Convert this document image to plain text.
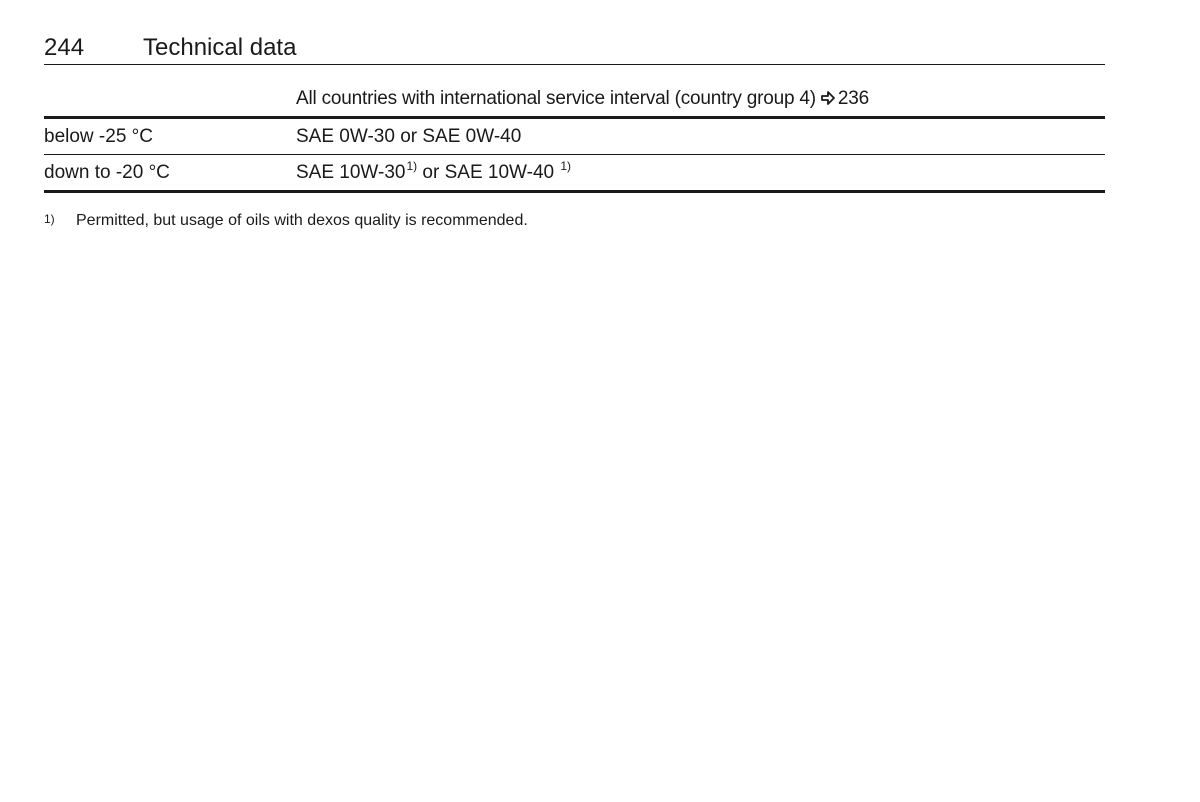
244 Technical data
All countries with international service interval (country group 4) 236
below -25 °C	SAE 0W-30 or SAE 0W-40
down to -20 °C	SAE 10W-30$^{1)}$ or SAE 10W-40 $^{1)}$
1) Permitted, but usage of oils with dexos quality is recommended.
